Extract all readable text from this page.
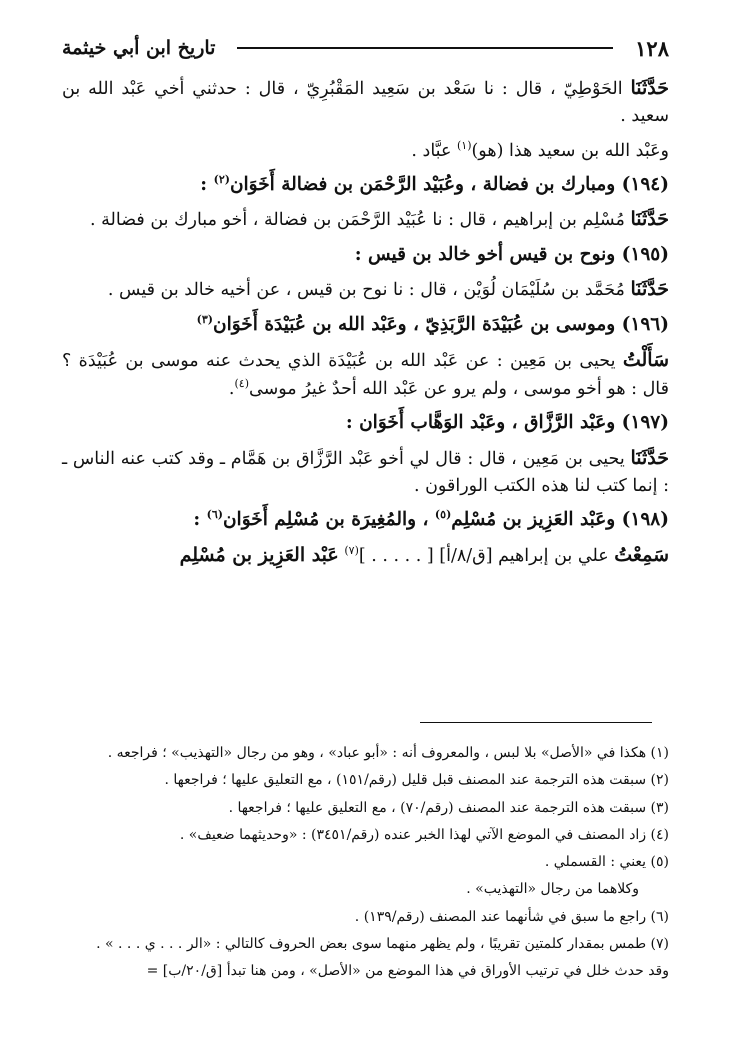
١٢٨
تاريخ ابن أبي خيثمة

حَدَّثَنَا الحَوْطِيّ ، قال : نا سَعْد بن سَعِيد المَقْبُرِيّ ، قال : حدثني أخي عَبْد الله بن سعيد .

وعَبْد الله بن سعيد هذا (هو)$^{(١)}$ عبَّاد .

(١٩٤) ومبارك بن فضالة ، وعُبَيْد الرَّحْمَن بن فضالة أَخَوَان$^{(٢)}$ :

حَدَّثَنَا مُسْلِم بن إبراهيم ، قال : نا عُبَيْد الرَّحْمَن بن فضالة ، أخو مبارك بن فضالة .

(١٩٥) ونوح بن قيس أخو خالد بن قيس :

حَدَّثَنَا مُحَمَّد بن سُلَيْمَان لُوَيْن ، قال : نا نوح بن قيس ، عن أخيه خالد بن قيس .

(١٩٦) وموسى بن عُبَيْدَة الرَّبَذِيّ ، وعَبْد الله بن عُبَيْدَة أَخَوَان$^{(٣)}$

سَأَلْتُ يحيى بن مَعِين : عن عَبْد الله بن عُبَيْدَة الذي يحدث عنه موسى بن عُبَيْدَة ؟ قال : هو أخو موسى ، ولم يرو عن عَبْد الله أحدٌ غيرُ موسى$^{(٤)}$.

(١٩٧) وعَبْد الرَّزَّاق ، وعَبْد الوَهَّاب أَخَوَان :

حَدَّثَنَا يحيى بن مَعِين ، قال : قال لي أخو عَبْد الرَّزَّاق بن هَمَّام ـ وقد كتب عنه الناس ـ : إنما كتب لنا هذه الكتب الوراقون .

(١٩٨) وعَبْد العَزِيز بن مُسْلِم$^{(٥)}$ ، والمُغِيرَة بن مُسْلِم أَخَوَان$^{(٦)}$ :

سَمِعْتُ علي بن إبراهيم [ق/٨/أ] [ . . . . . ]$^{(٧)}$ عَبْد العَزِيز بن مُسْلِم

(١) هكذا في «الأصل» بلا لبس ، والمعروف أنه : «أبو عباد» ، وهو من رجال «التهذيب» ؛ فراجعه .

(٢) سبقت هذه الترجمة عند المصنف قبل قليل (رقم/١٥١) ، مع التعليق عليها ؛ فراجعها .

(٣) سبقت هذه الترجمة عند المصنف (رقم/٧٠) ، مع التعليق عليها ؛ فراجعها .

(٤) زاد المصنف في الموضع الآتي لهذا الخبر عنده (رقم/٣٤٥١) : «وحديثهما ضعيف» .

(٥) يعني : القسملي .

وكلاهما من رجال «التهذيب» .

(٦) راجع ما سبق في شأنهما عند المصنف (رقم/١٣٩) .

(٧) طمس بمقدار كلمتين تقريبًا ، ولم يظهر منهما سوى بعض الحروف كالتالي : «الر . . . ي . . . » .

وقد حدث خلل في ترتيب الأوراق في هذا الموضع من «الأصل» ، ومن هنا تبدأ [ق/٢٠/ب] =
